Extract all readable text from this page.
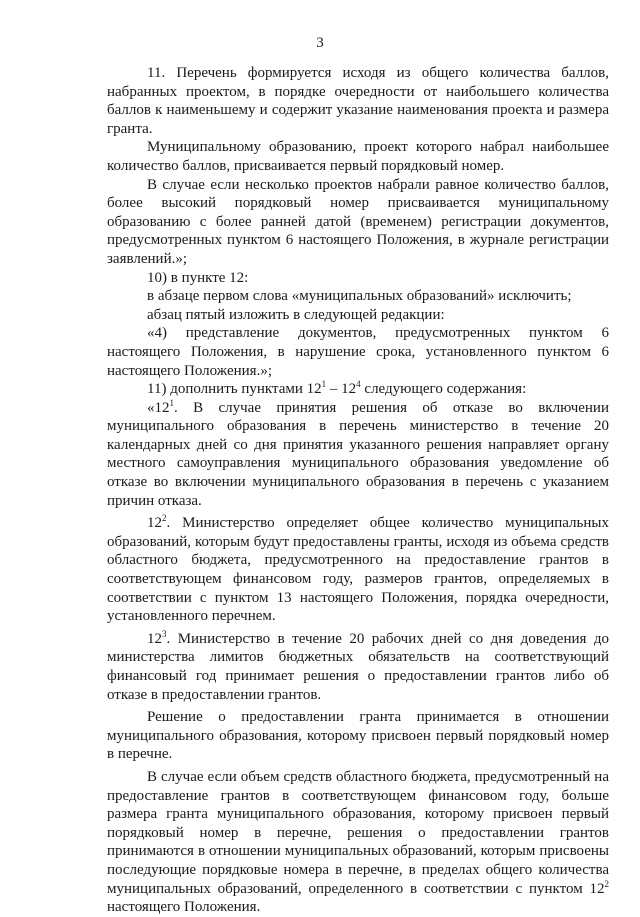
3

11. Перечень формируется исходя из общего количества баллов, набранных проектом, в порядке очередности от наибольшего количества баллов к наименьшему и содержит указание наименования проекта и размера гранта.

Муниципальному образованию, проект которого набрал наибольшее количество баллов, присваивается первый порядковый номер.

В случае если несколько проектов набрали равное количество баллов, более высокий порядковый номер присваивается муниципальному образованию с более ранней датой (временем) регистрации документов, предусмотренных пунктом 6 настоящего Положения, в журнале регистрации заявлений.»;

10) в пункте 12:

в абзаце первом слова «муниципальных образований» исключить;

абзац пятый изложить в следующей редакции:

«4) представление документов, предусмотренных пунктом 6 настоящего Положения, в нарушение срока, установленного пунктом 6 настоящего Положения.»;

11) дополнить пунктами $12^1 - 12^4$ следующего содержания:

«$12^1$. В случае принятия решения об отказе во включении муниципального образования в перечень министерство в течение 20 календарных дней со дня принятия указанного решения направляет органу местного самоуправления муниципального образования уведомление об отказе во включении муниципального образования в перечень с указанием причин отказа.

$12^2$. Министерство определяет общее количество муниципальных образований, которым будут предоставлены гранты, исходя из объема средств областного бюджета, предусмотренного на предоставление грантов в соответствующем финансовом году, размеров грантов, определяемых в соответствии с пунктом 13 настоящего Положения, порядка очередности, установленного перечнем.

$12^3$. Министерство в течение 20 рабочих дней со дня доведения до министерства лимитов бюджетных обязательств на соответствующий финансовый год принимает решения о предоставлении грантов либо об отказе в предоставлении грантов.

Решение о предоставлении гранта принимается в отношении муниципального образования, которому присвоен первый порядковый номер в перечне.

В случае если объем средств областного бюджета, предусмотренный на предоставление грантов в соответствующем финансовом году, больше размера гранта муниципального образования, которому присвоен первый порядковый номер в перечне, решения о предоставлении грантов принимаются в отношении муниципальных образований, которым присвоены последующие порядковые номера в перечне, в пределах общего количества муниципальных образований, определенного в соответствии с пунктом $12^2$ настоящего Положения.
